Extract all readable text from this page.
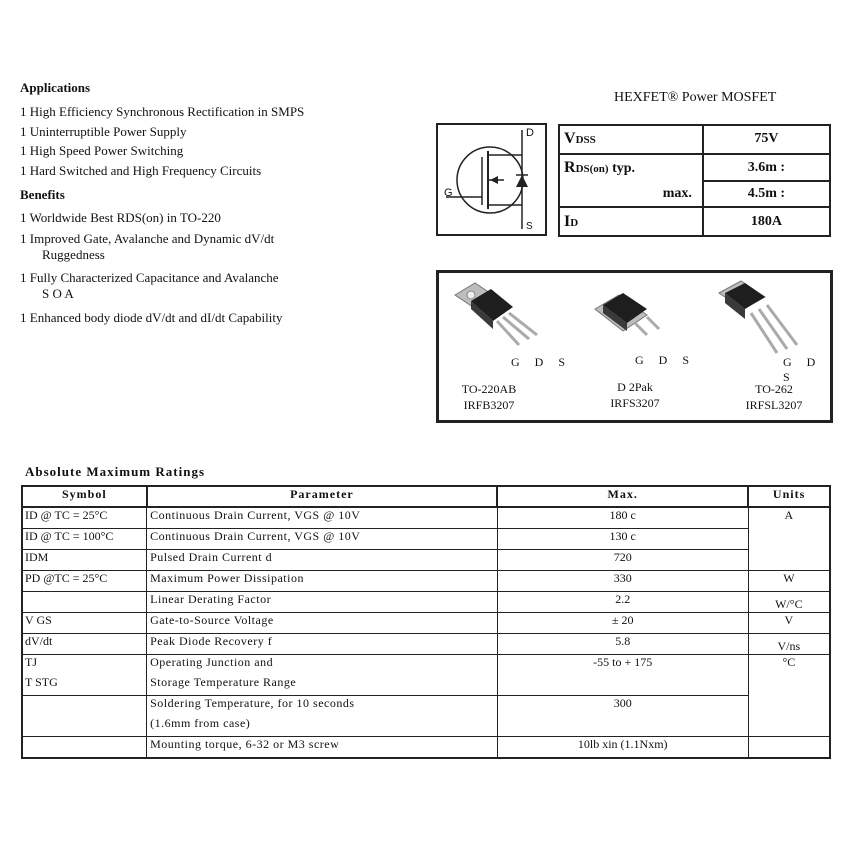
Applications
1 High Efficiency Synchronous Rectification in SMPS
1 Uninterruptible Power Supply
1 High Speed Power Switching
1 Hard Switched and High Frequency Circuits
Benefits
1 Worldwide Best RDS(on) in TO-220
1 Improved Gate, Avalanche and Dynamic dV/dt
Ruggedness
1 Fully Characterized Capacitance and Avalanche
S O A
1 Enhanced body diode dV/dt and dI/dt Capability
HEXFET® Power MOSFET
D
G
S
VDSS	75V
RDS(on) typ.	3.6m :
max.	4.5m :
ID	180A
G D S	G D S	G D S
TO-220AB
IRFB3207
D 2Pak
IRFS3207
TO-262
IRFSL3207
Absolute Maximum Ratings
Symbol	Parameter	Max.	Units
ID @ TC = 25°C	Continuous Drain Current, VGS @ 10V	180 c	A
ID @ TC = 100°C	Continuous Drain Current, VGS @ 10V	130 c	
IDM	Pulsed Drain Current d	720	
PD @TC = 25°C	Maximum Power Dissipation	330	W
	Linear Derating Factor	2.2	W/°C
V GS	Gate-to-Source Voltage	± 20	V
dV/dt	Peak Diode Recovery f	5.8	V/ns
TJ	Operating Junction and	-55 to + 175	°C
T STG	Storage Temperature Range		
	Soldering Temperature, for 10 seconds	300	
	(1.6mm from case)		
	Mounting torque, 6-32 or M3 screw	10lb xin (1.1Nxm)	
